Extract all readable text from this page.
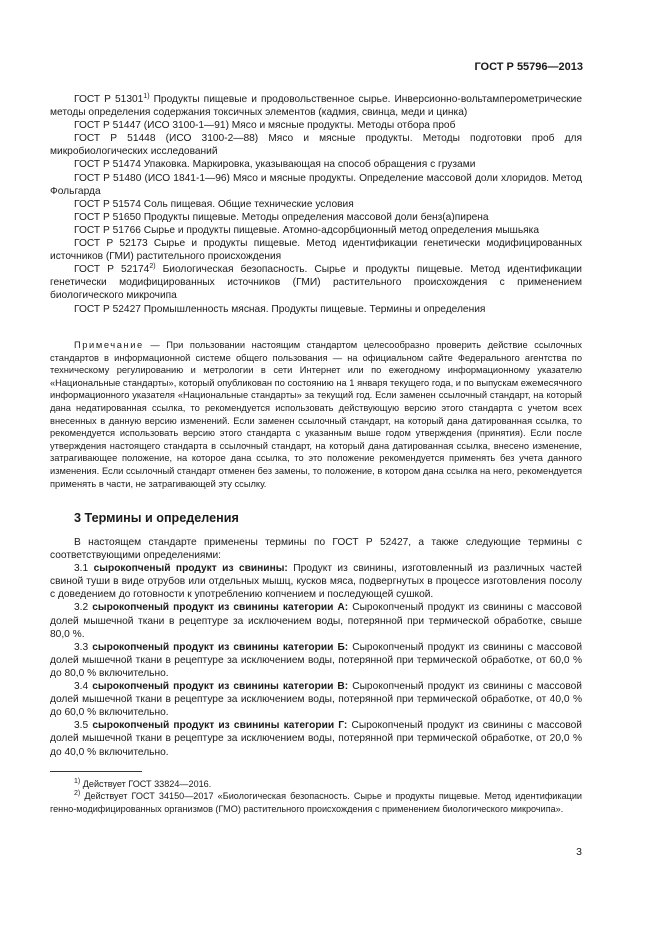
ГОСТ Р 55796—2013

ГОСТ Р 51301$^{1)}$ Продукты пищевые и продовольственное сырье. Инверсионно-вольтамперометрические методы определения содержания токсичных элементов (кадмия, свинца, меди и цинка)

ГОСТ Р 51447 (ИСО 3100-1—91) Мясо и мясные продукты. Методы отбора проб

ГОСТ Р 51448 (ИСО 3100-2—88) Мясо и мясные продукты. Методы подготовки проб для микробиологических исследований

ГОСТ Р 51474 Упаковка. Маркировка, указывающая на способ обращения с грузами

ГОСТ Р 51480 (ИСО 1841-1—96) Мясо и мясные продукты. Определение массовой доли хлоридов. Метод Фольгарда

ГОСТ Р 51574 Соль пищевая. Общие технические условия

ГОСТ Р 51650 Продукты пищевые. Методы определения массовой доли бенз(а)пирена

ГОСТ Р 51766 Сырье и продукты пищевые. Атомно-адсорбционный метод определения мышьяка

ГОСТ Р 52173 Сырье и продукты пищевые. Метод идентификации генетически модифицированных источников (ГМИ) растительного происхождения

ГОСТ Р 52174$^{2)}$ Биологическая безопасность. Сырье и продукты пищевые. Метод идентификации генетически модифицированных источников (ГМИ) растительного происхождения с применением биологического микрочипа

ГОСТ Р 52427 Промышленность мясная. Продукты пищевые. Термины и определения

Примечание — При пользовании настоящим стандартом целесообразно проверить действие ссылочных стандартов в информационной системе общего пользования — на официальном сайте Федерального агентства по техническому регулированию и метрологии в сети Интернет или по ежегодному информационному указателю «Национальные стандарты», который опубликован по состоянию на 1 января текущего года, и по выпускам ежемесячного информационного указателя «Национальные стандарты» за текущий год. Если заменен ссылочный стандарт, на который дана недатированная ссылка, то рекомендуется использовать действующую версию этого стандарта с учетом всех внесенных в данную версию изменений. Если заменен ссылочный стандарт, на который дана датированная ссылка, то рекомендуется использовать версию этого стандарта с указанным выше годом утверждения (принятия). Если после утверждения настоящего стандарта в ссылочный стандарт, на который дана датированная ссылка, внесено изменение, затрагивающее положение, на которое дана ссылка, то это положение рекомендуется применять без учета данного изменения. Если ссылочный стандарт отменен без замены, то положение, в котором дана ссылка на него, рекомендуется применять в части, не затрагивающей эту ссылку.

3 Термины и определения

В настоящем стандарте применены термины по ГОСТ Р 52427, а также следующие термины с соответствующими определениями:

3.1 сырокопченый продукт из свинины: Продукт из свинины, изготовленный из различных частей свиной туши в виде отрубов или отдельных мышц, кусков мяса, подвергнутых в процессе изготовления посолу с доведением до готовности к употреблению копчением и последующей сушкой.

3.2 сырокопченый продукт из свинины категории А: Сырокопченый продукт из свинины с массовой долей мышечной ткани в рецептуре за исключением воды, потерянной при термической обработке, свыше 80,0 %.

3.3 сырокопченый продукт из свинины категории Б: Сырокопченый продукт из свинины с массовой долей мышечной ткани в рецептуре за исключением воды, потерянной при термической обработке, от 60,0 % до 80,0 % включительно.

3.4 сырокопченый продукт из свинины категории В: Сырокопченый продукт из свинины с массовой долей мышечной ткани в рецептуре за исключением воды, потерянной при термической обработке, от 40,0 % до 60,0 % включительно.

3.5 сырокопченый продукт из свинины категории Г: Сырокопченый продукт из свинины с массовой долей мышечной ткани в рецептуре за исключением воды, потерянной при термической обработке, от 20,0 % до 40,0 % включительно.

$^{1)}$ Действует ГОСТ 33824—2016.

$^{2)}$ Действует ГОСТ 34150—2017 «Биологическая безопасность. Сырье и продукты пищевые. Метод идентификации генно-модифицированных организмов (ГМО) растительного происхождения с применением биологического микрочипа».

3
